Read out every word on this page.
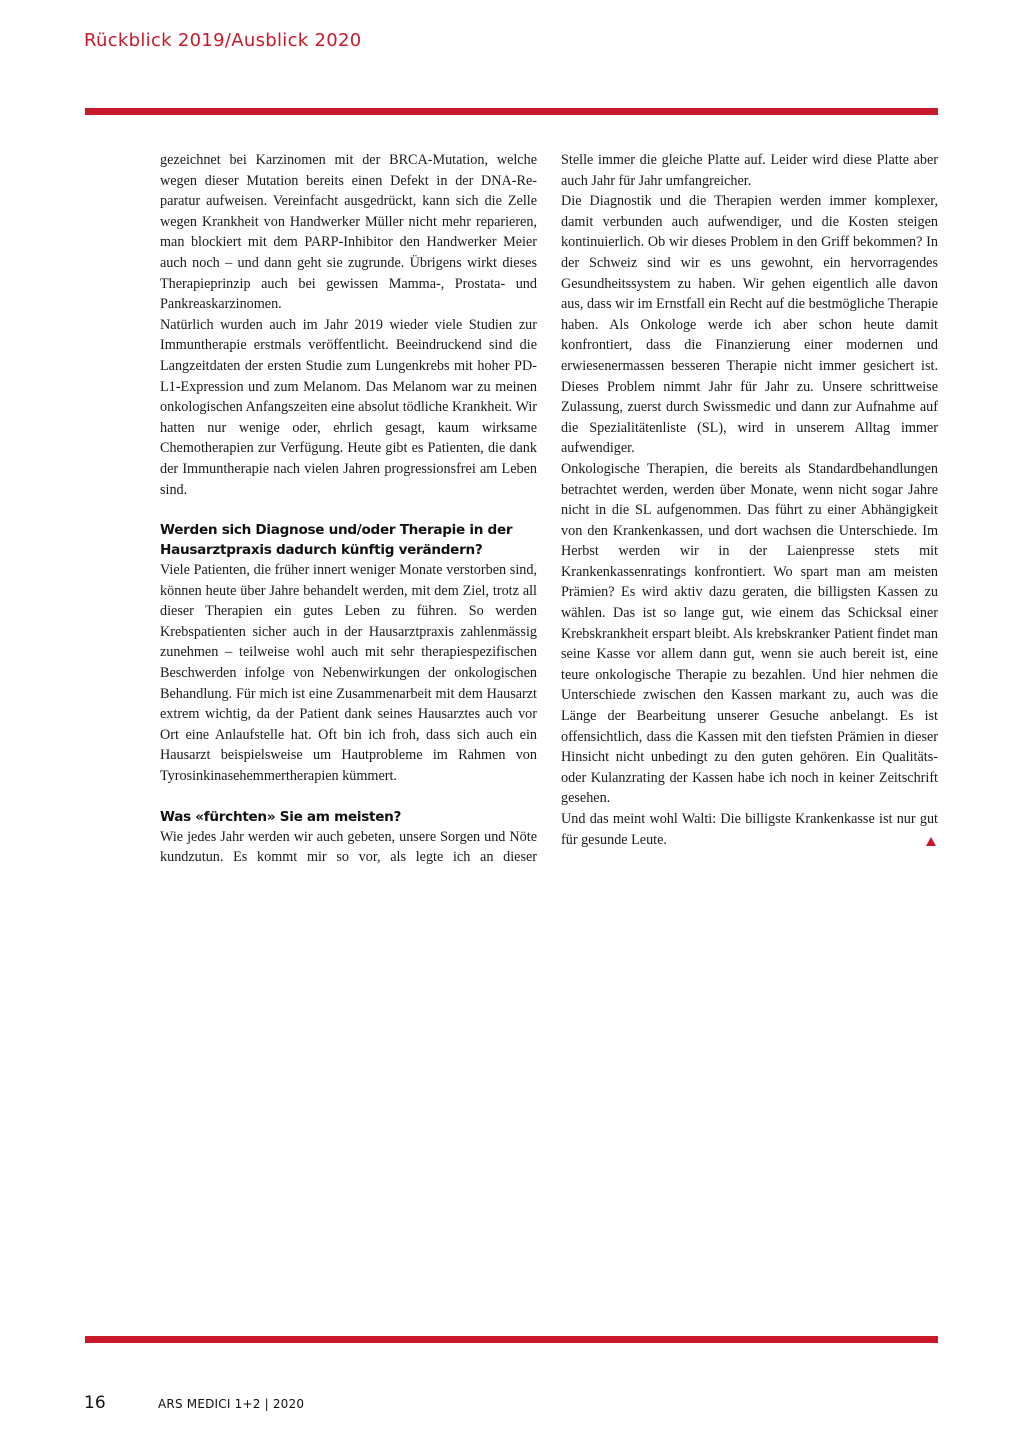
Rückblick 2019/Ausblick 2020

gezeichnet bei Karzinomen mit der BRCA-Mutation, welche wegen dieser Mutation bereits einen Defekt in der DNA-Reparatur aufweisen. Vereinfacht ausgedrückt, kann sich die Zelle wegen Krankheit von Handwerker Müller nicht mehr reparieren, man blockiert mit dem PARP-Inhibitor den Handwerker Meier auch noch – und dann geht sie zugrunde. Übrigens wirkt dieses Therapieprinzip auch bei gewissen Mamma-, Prostata- und Pankreaskarzinomen.

Natürlich wurden auch im Jahr 2019 wieder viele Studien zur Immuntherapie erstmals veröffentlicht. Beeindruckend sind die Langzeitdaten der ersten Studie zum Lungenkrebs mit hoher PD-L1-Expression und zum Melanom. Das Melanom war zu meinen onkologischen Anfangszeiten eine absolut tödliche Krankheit. Wir hatten nur wenige oder, ehrlich gesagt, kaum wirksame Chemotherapien zur Verfügung. Heute gibt es Patienten, die dank der Immuntherapie nach vielen Jahren progressionsfrei am Leben sind.

Werden sich Diagnose und/oder Therapie in der Hausarztpraxis dadurch künftig verändern?

Viele Patienten, die früher innert weniger Monate verstorben sind, können heute über Jahre behandelt werden, mit dem Ziel, trotz all dieser Therapien ein gutes Leben zu führen. So werden Krebspatienten sicher auch in der Hausarztpraxis zahlenmässig zunehmen – teilweise wohl auch mit sehr therapiespezifischen Beschwerden infolge von Nebenwirkungen der onkologischen Behandlung. Für mich ist eine Zusammenarbeit mit dem Hausarzt extrem wichtig, da der Patient dank seines Hausarztes auch vor Ort eine Anlaufstelle hat. Oft bin ich froh, dass sich auch ein Hausarzt beispielsweise um Hautprobleme im Rahmen von Tyrosinkinasehemmertherapien kümmert.

Was «fürchten» Sie am meisten?

Wie jedes Jahr werden wir auch gebeten, unsere Sorgen und Nöte kundzutun. Es kommt mir so vor, als legte ich an dieser

Stelle immer die gleiche Platte auf. Leider wird diese Platte aber auch Jahr für Jahr umfangreicher.

Die Diagnostik und die Therapien werden immer komplexer, damit verbunden auch aufwendiger, und die Kosten steigen kontinuierlich. Ob wir dieses Problem in den Griff bekommen? In der Schweiz sind wir es uns gewohnt, ein hervorragendes Gesundheitssystem zu haben. Wir gehen eigentlich alle davon aus, dass wir im Ernstfall ein Recht auf die bestmögliche Therapie haben. Als Onkologe werde ich aber schon heute damit konfrontiert, dass die Finanzierung einer modernen und erwiesenermassen besseren Therapie nicht immer gesichert ist. Dieses Problem nimmt Jahr für Jahr zu. Unsere schrittweise Zulassung, zuerst durch Swissmedic und dann zur Aufnahme auf die Spezialitätenliste (SL), wird in unserem Alltag immer aufwendiger.

Onkologische Therapien, die bereits als Standardbehandlungen betrachtet werden, werden über Monate, wenn nicht sogar Jahre nicht in die SL aufgenommen. Das führt zu einer Abhängigkeit von den Krankenkassen, und dort wachsen die Unterschiede. Im Herbst werden wir in der Laienpresse stets mit Krankenkassenratings konfrontiert. Wo spart man am meisten Prämien? Es wird aktiv dazu geraten, die billigsten Kassen zu wählen. Das ist so lange gut, wie einem das Schicksal einer Krebskrankheit erspart bleibt. Als krebskranker Patient findet man seine Kasse vor allem dann gut, wenn sie auch bereit ist, eine teure onkologische Therapie zu bezahlen. Und hier nehmen die Unterschiede zwischen den Kassen markant zu, auch was die Länge der Bearbeitung unserer Gesuche anbelangt. Es ist offensichtlich, dass die Kassen mit den tiefsten Prämien in dieser Hinsicht nicht unbedingt zu den guten gehören. Ein Qualitäts- oder Kulanzrating der Kassen habe ich noch in keiner Zeitschrift gesehen.

Und das meint wohl Walti: Die billigste Krankenkasse ist nur gut für gesunde Leute.

16	ARS MEDICI 1+2 | 2020
